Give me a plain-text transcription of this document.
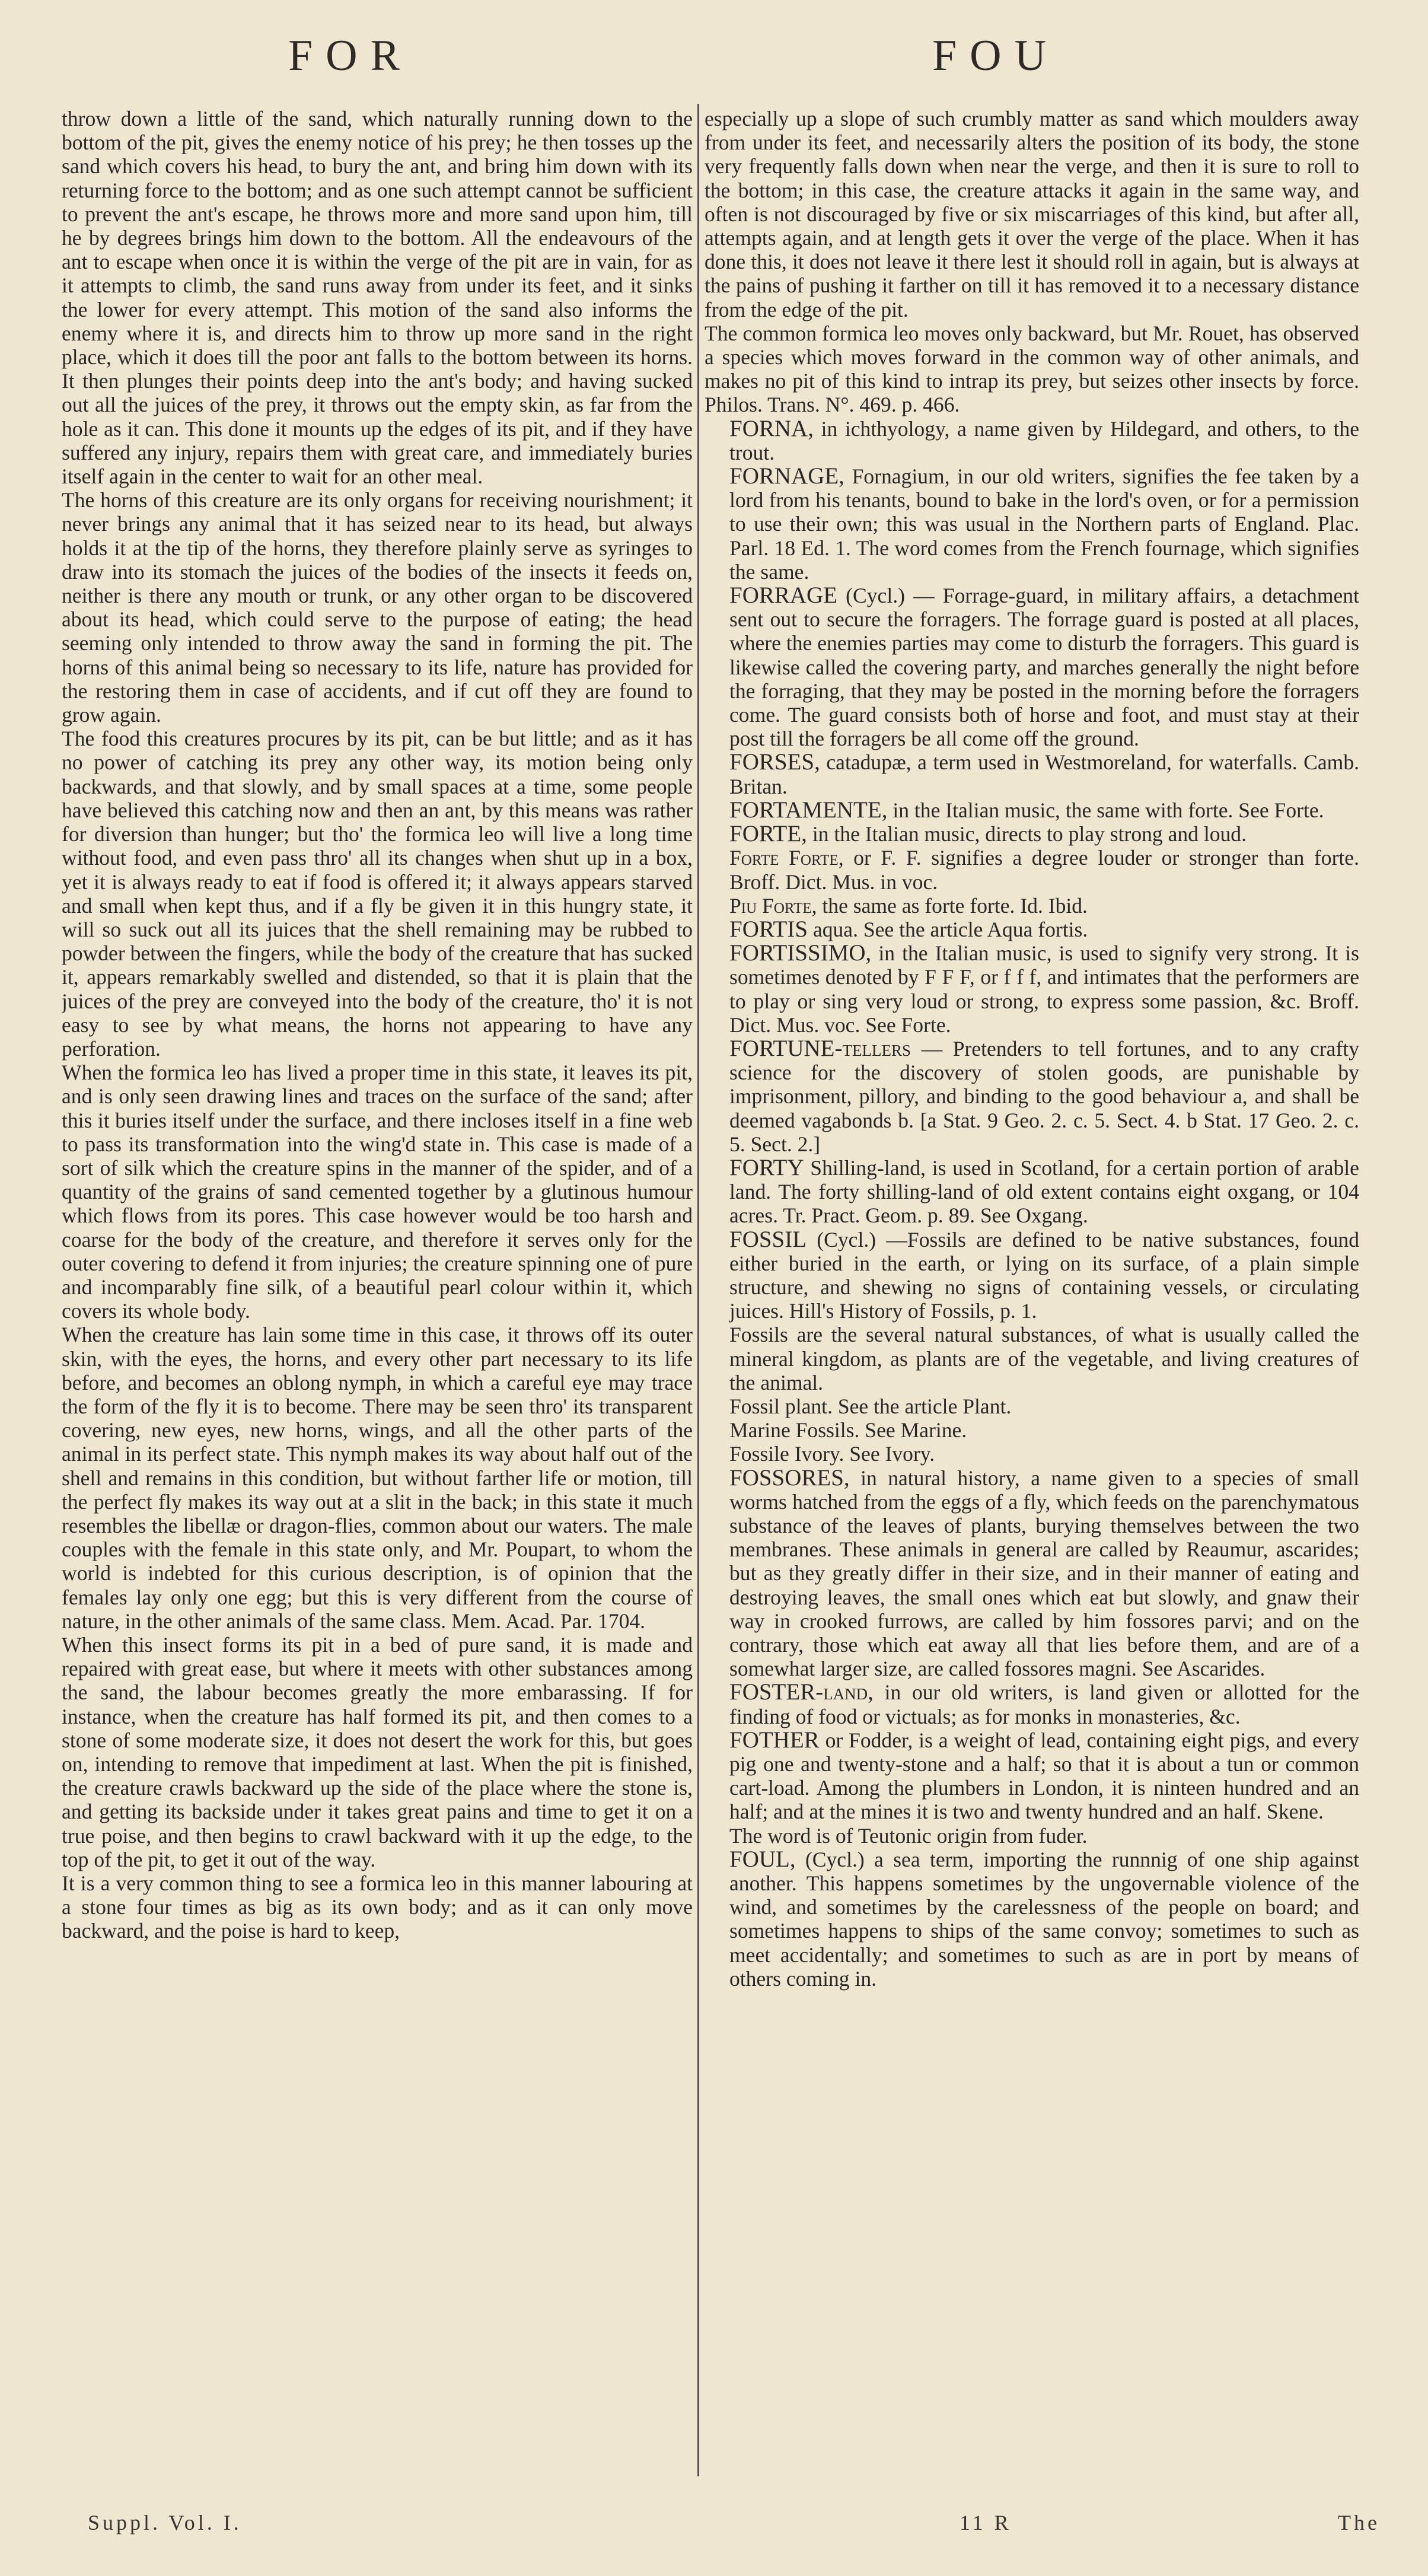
FOR	FOU

throw down a little of the sand, which naturally running down to the bottom of the pit, gives the enemy notice of his prey; he then tosses up the sand which covers his head, to bury the ant, and bring him down with its returning force to the bottom; and as one such attempt cannot be sufficient to prevent the ant's escape, he throws more and more sand upon him, till he by degrees brings him down to the bottom. All the endeavours of the ant to escape when once it is within the verge of the pit are in vain, for as it attempts to climb, the sand runs away from under its feet, and it sinks the lower for every attempt. This motion of the sand also informs the enemy where it is, and directs him to throw up more sand in the right place, which it does till the poor ant falls to the bottom between its horns. It then plunges their points deep into the ant's body; and having sucked out all the juices of the prey, it throws out the empty skin, as far from the hole as it can. This done it mounts up the edges of its pit, and if they have suffered any injury, repairs them with great care, and immediately buries itself again in the center to wait for an other meal.

The horns of this creature are its only organs for receiving nourishment; it never brings any animal that it has seized near to its head, but always holds it at the tip of the horns, they therefore plainly serve as syringes to draw into its stomach the juices of the bodies of the insects it feeds on, neither is there any mouth or trunk, or any other organ to be discovered about its head, which could serve to the purpose of eating; the head seeming only intended to throw away the sand in forming the pit. The horns of this animal being so necessary to its life, nature has provided for the restoring them in case of accidents, and if cut off they are found to grow again.

The food this creatures procures by its pit, can be but little; and as it has no power of catching its prey any other way, its motion being only backwards, and that slowly, and by small spaces at a time, some people have believed this catching now and then an ant, by this means was rather for diversion than hunger; but tho' the formica leo will live a long time without food, and even pass thro' all its changes when shut up in a box, yet it is always ready to eat if food is offered it; it always appears starved and small when kept thus, and if a fly be given it in this hungry state, it will so suck out all its juices that the shell remaining may be rubbed to powder between the fingers, while the body of the creature that has sucked it, appears remarkably swelled and distended, so that it is plain that the juices of the prey are conveyed into the body of the creature, tho' it is not easy to see by what means, the horns not appearing to have any perforation.

When the formica leo has lived a proper time in this state, it leaves its pit, and is only seen drawing lines and traces on the surface of the sand; after this it buries itself under the surface, and there incloses itself in a fine web to pass its transformation into the wing'd state in. This case is made of a sort of silk which the creature spins in the manner of the spider, and of a quantity of the grains of sand cemented together by a glutinous humour which flows from its pores. This case however would be too harsh and coarse for the body of the creature, and therefore it serves only for the outer covering to defend it from injuries; the creature spinning one of pure and incomparably fine silk, of a beautiful pearl colour within it, which covers its whole body.

When the creature has lain some time in this case, it throws off its outer skin, with the eyes, the horns, and every other part necessary to its life before, and becomes an oblong nymph, in which a careful eye may trace the form of the fly it is to become. There may be seen thro' its transparent covering, new eyes, new horns, wings, and all the other parts of the animal in its perfect state. This nymph makes its way about half out of the shell and remains in this condition, but without farther life or motion, till the perfect fly makes its way out at a slit in the back; in this state it much resembles the libellæ or dragon-flies, common about our waters. The male couples with the female in this state only, and Mr. Poupart, to whom the world is indebted for this curious description, is of opinion that the females lay only one egg; but this is very different from the course of nature, in the other animals of the same class. Mem. Acad. Par. 1704.

When this insect forms its pit in a bed of pure sand, it is made and repaired with great ease, but where it meets with other substances among the sand, the labour becomes greatly the more embarassing. If for instance, when the creature has half formed its pit, and then comes to a stone of some moderate size, it does not desert the work for this, but goes on, intending to remove that impediment at last. When the pit is finished, the creature crawls backward up the side of the place where the stone is, and getting its backside under it takes great pains and time to get it on a true poise, and then begins to crawl backward with it up the edge, to the top of the pit, to get it out of the way.

It is a very common thing to see a formica leo in this manner labouring at a stone four times as big as its own body; and as it can only move backward, and the poise is hard to keep,

especially up a slope of such crumbly matter as sand which moulders away from under its feet, and necessarily alters the position of its body, the stone very frequently falls down when near the verge, and then it is sure to roll to the bottom; in this case, the creature attacks it again in the same way, and often is not discouraged by five or six miscarriages of this kind, but after all, attempts again, and at length gets it over the verge of the place. When it has done this, it does not leave it there lest it should roll in again, but is always at the pains of pushing it farther on till it has removed it to a necessary distance from the edge of the pit.

The common formica leo moves only backward, but Mr. Rouet, has observed a species which moves forward in the common way of other animals, and makes no pit of this kind to intrap its prey, but seizes other insects by force. Philos. Trans. N°. 469. p. 466.

FORNA, in ichthyology, a name given by Hildegard, and others, to the trout.

FORNAGE, Fornagium, in our old writers, signifies the fee taken by a lord from his tenants, bound to bake in the lord's oven, or for a permission to use their own; this was usual in the Northern parts of England. Plac. Parl. 18 Ed. 1. The word comes from the French fournage, which signifies the same.

FORRAGE (Cycl.) — Forrage-guard, in military affairs, a detachment sent out to secure the forragers. The forrage guard is posted at all places, where the enemies parties may come to disturb the forragers. This guard is likewise called the covering party, and marches generally the night before the forraging, that they may be posted in the morning before the forragers come. The guard consists both of horse and foot, and must stay at their post till the forragers be all come off the ground.

FORSES, catadupæ, a term used in Westmoreland, for waterfalls. Camb. Britan.

FORTAMENTE, in the Italian music, the same with forte. See Forte.

FORTE, in the Italian music, directs to play strong and loud.

Forte Forte, or F. F. signifies a degree louder or stronger than forte. Broff. Dict. Mus. in voc.

Piu Forte, the same as forte forte. Id. Ibid.

FORTIS aqua. See the article Aqua fortis.

FORTISSIMO, in the Italian music, is used to signify very strong. It is sometimes denoted by F F F, or f f f, and intimates that the performers are to play or sing very loud or strong, to express some passion, &c. Broff. Dict. Mus. voc. See Forte.

FORTUNE-tellers — Pretenders to tell fortunes, and to any crafty science for the discovery of stolen goods, are punishable by imprisonment, pillory, and binding to the good behaviour a, and shall be deemed vagabonds b. [a Stat. 9 Geo. 2. c. 5. Sect. 4. b Stat. 17 Geo. 2. c. 5. Sect. 2.]

FORTY Shilling-land, is used in Scotland, for a certain portion of arable land. The forty shilling-land of old extent contains eight oxgang, or 104 acres. Tr. Pract. Geom. p. 89. See Oxgang.

FOSSIL (Cycl.) —Fossils are defined to be native substances, found either buried in the earth, or lying on its surface, of a plain simple structure, and shewing no signs of containing vessels, or circulating juices. Hill's History of Fossils, p. 1.

Fossils are the several natural substances, of what is usually called the mineral kingdom, as plants are of the vegetable, and living creatures of the animal.

Fossil plant. See the article Plant.

Marine Fossils. See Marine.

Fossile Ivory. See Ivory.

FOSSORES, in natural history, a name given to a species of small worms hatched from the eggs of a fly, which feeds on the parenchymatous substance of the leaves of plants, burying themselves between the two membranes. These animals in general are called by Reaumur, ascarides; but as they greatly differ in their size, and in their manner of eating and destroying leaves, the small ones which eat but slowly, and gnaw their way in crooked furrows, are called by him fossores parvi; and on the contrary, those which eat away all that lies before them, and are of a somewhat larger size, are called fossores magni. See Ascarides.

FOSTER-land, in our old writers, is land given or allotted for the finding of food or victuals; as for monks in monasteries, &c.

FOTHER or Fodder, is a weight of lead, containing eight pigs, and every pig one and twenty-stone and a half; so that it is about a tun or common cart-load. Among the plumbers in London, it is ninteen hundred and an half; and at the mines it is two and twenty hundred and an half. Skene.

The word is of Teutonic origin from fuder.

FOUL, (Cycl.) a sea term, importing the runnnig of one ship against another. This happens sometimes by the ungovernable violence of the wind, and sometimes by the carelessness of the people on board; and sometimes happens to ships of the same convoy; sometimes to such as meet accidentally; and sometimes to such as are in port by means of others coming in.

Suppl. Vol. I.	11 R	The
